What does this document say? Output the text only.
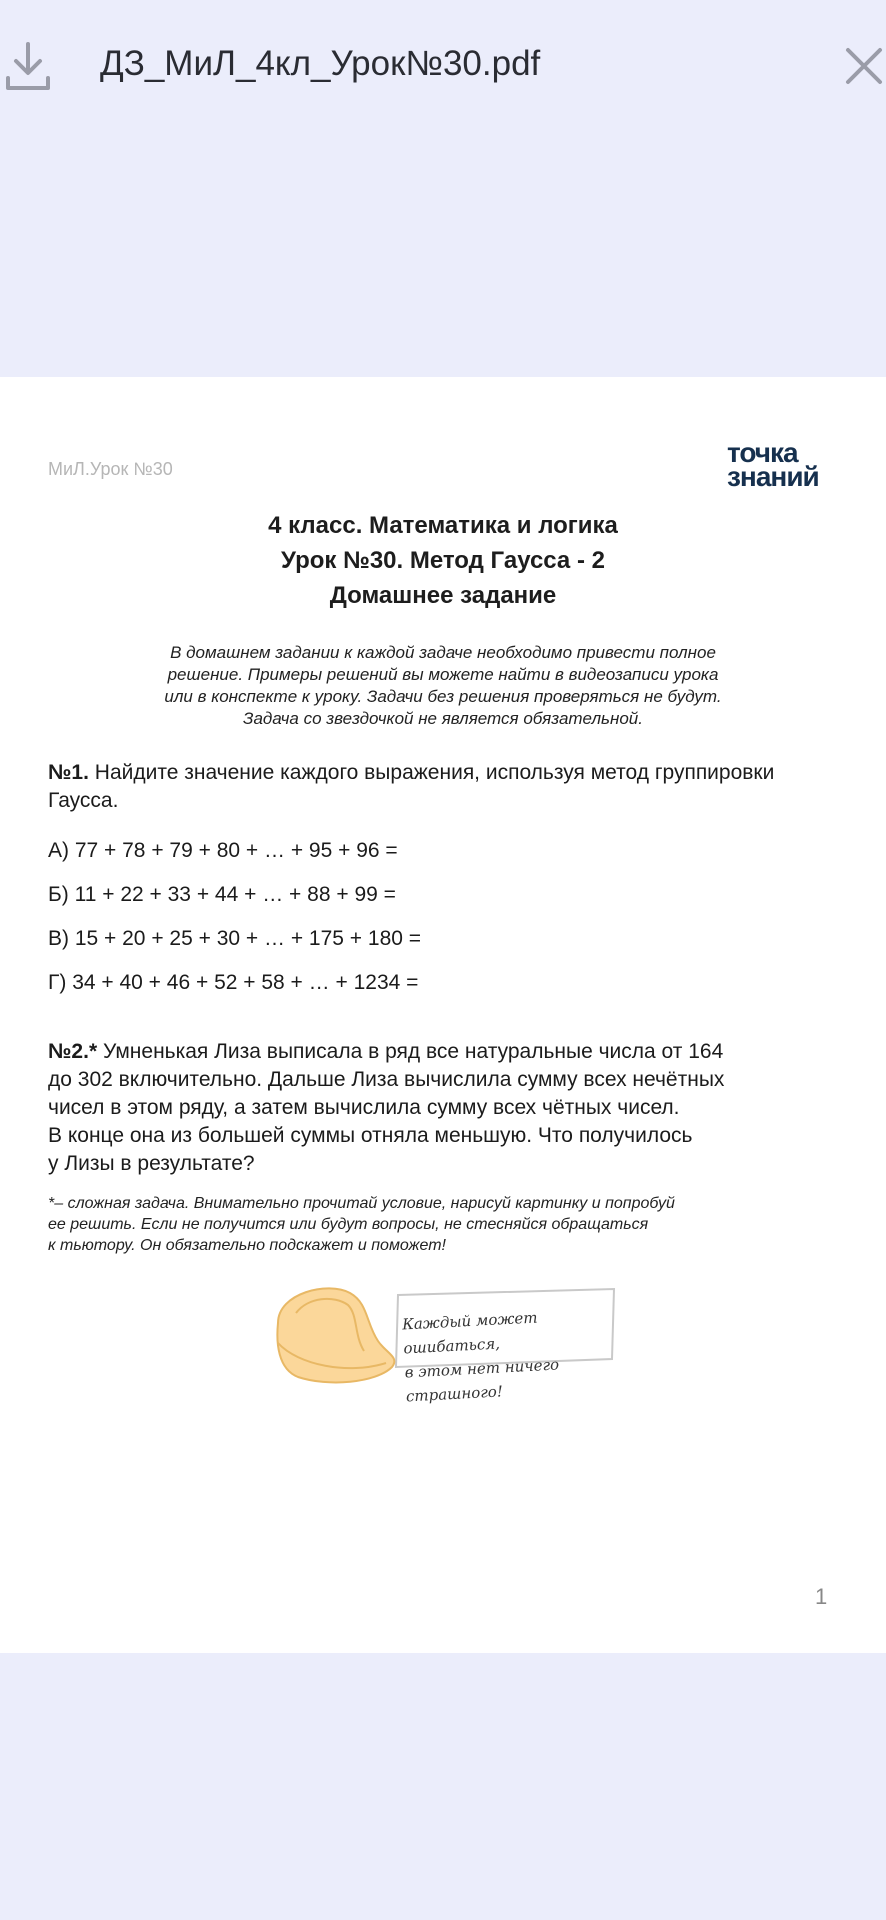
ДЗ_МиЛ_4кл_Урок№30.pdf
МиЛ.Урок №30
точка
знаний
4 класс. Математика и логика
Урок №30. Метод Гаусса - 2
Домашнее задание
В домашнем задании к каждой задаче необходимо привести полное
решение. Примеры решений вы можете найти в видеозаписи урока
или в конспекте к уроку. Задачи без решения проверяться не будут.
Задача со звездочкой не является обязательной.
№1. Найдите значение каждого выражения, используя метод группировки Гаусса.
А) 77 + 78 + 79 + 80 + … + 95 + 96 =
Б) 11 + 22 + 33 + 44 + … + 88 + 99 =
В) 15 + 20 + 25 + 30 + … + 175 + 180 =
Г) 34 + 40 + 46 + 52 + 58 + … + 1234 =
№2.* Умненькая Лиза выписала в ряд все натуральные числа от 164
до 302 включительно. Дальше Лиза вычислила сумму всех нечётных
чисел в этом ряду, а затем вычислила сумму всех чётных чисел.
В конце она из большей суммы отняла меньшую. Что получилось
у Лизы в результате?
*– сложная задача. Внимательно прочитай условие, нарисуй картинку и попробуй
ее решить. Если не получится или будут вопросы, не стесняйся обращаться
к тьютору. Он обязательно подскажет и поможет!
Каждый может ошибаться,
в этом нет ничего страшного!
1
